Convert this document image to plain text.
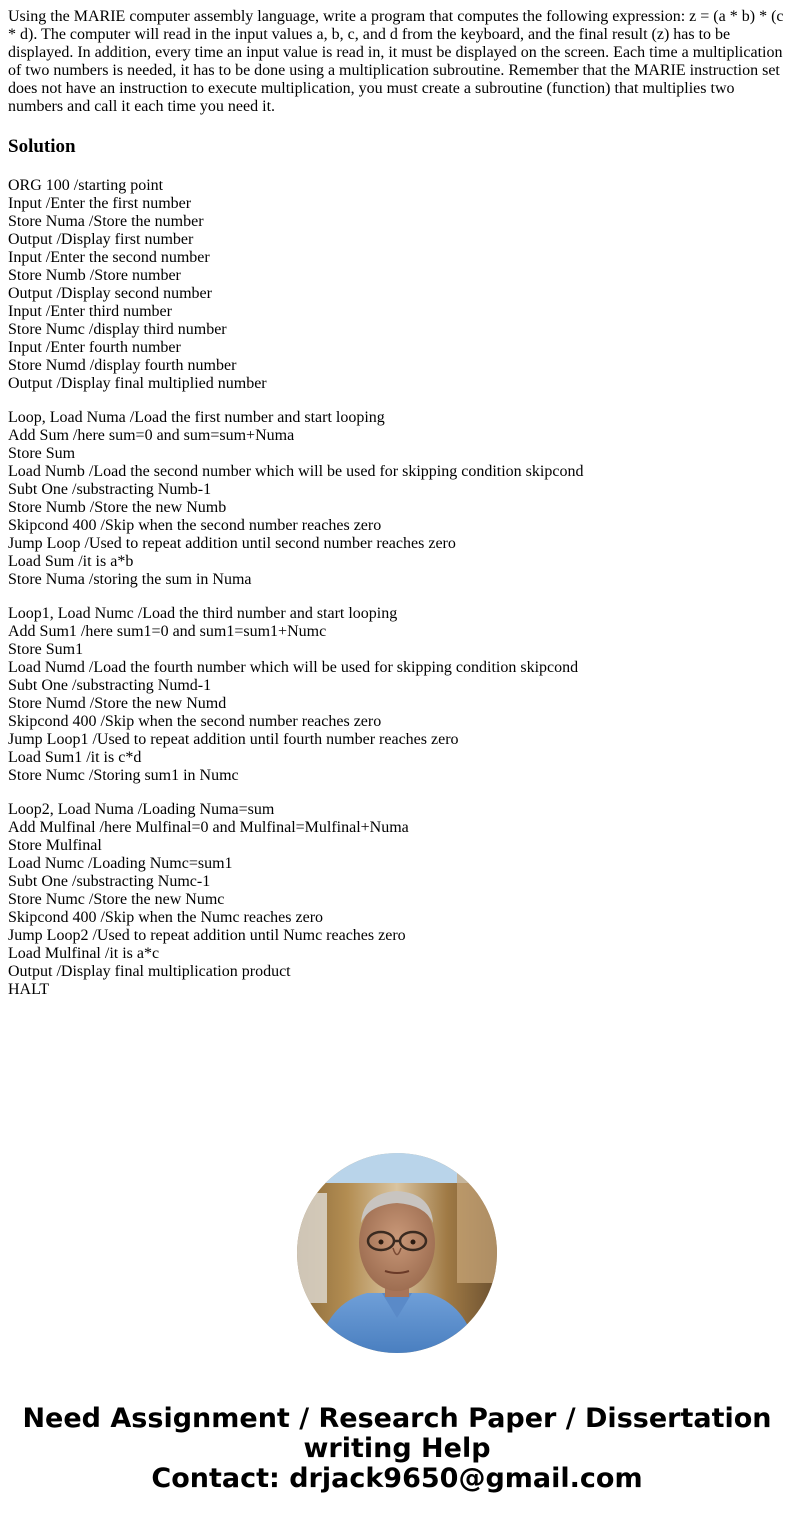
Using the MARIE computer assembly language, write a program that computes the following expression: z = (a * b) * (c * d). The computer will read in the input values a, b, c, and d from the keyboard, and the final result (z) has to be displayed. In addition, every time an input value is read in, it must be displayed on the screen. Each time a multiplication of two numbers is needed, it has to be done using a multiplication subroutine. Remember that the MARIE instruction set does not have an instruction to execute multiplication, you must create a subroutine (function) that multiplies two numbers and call it each time you need it.

Solution
ORG 100 /starting point
Input /Enter the first number
Store Numa /Store the number
Output /Display first number
Input /Enter the second number
Store Numb /Store number
Output /Display second number
Input /Enter third number
Store Numc /display third number
Input /Enter fourth number
Store Numd /display fourth number
Output /Display final multiplied number
Loop, Load Numa /Load the first number and start looping
Add Sum /here sum=0 and sum=sum+Numa
Store Sum
Load Numb /Load the second number which will be used for skipping condition skipcond
Subt One /substracting Numb-1
Store Numb /Store the new Numb
Skipcond 400 /Skip when the second number reaches zero
Jump Loop /Used to repeat addition until second number reaches zero
Load Sum /it is a*b
Store Numa /storing the sum in Numa
Loop1, Load Numc /Load the third number and start looping
Add Sum1 /here sum1=0 and sum1=sum1+Numc
Store Sum1
Load Numd /Load the fourth number which will be used for skipping condition skipcond
Subt One /substracting Numd-1
Store Numd /Store the new Numd
Skipcond 400 /Skip when the second number reaches zero
Jump Loop1 /Used to repeat addition until fourth number reaches zero
Load Sum1 /it is c*d
Store Numc /Storing sum1 in Numc
Loop2, Load Numa /Loading Numa=sum
Add Mulfinal /here Mulfinal=0 and Mulfinal=Mulfinal+Numa
Store Mulfinal
Load Numc /Loading Numc=sum1
Subt One /substracting Numc-1
Store Numc /Store the new Numc
Skipcond 400 /Skip when the Numc reaches zero
Jump Loop2 /Used to repeat addition until Numc reaches zero
Load Mulfinal /it is a*c
Output /Display final multiplication product
HALT
Need Assignment / Research Paper / Dissertation
writing Help
Contact: drjack9650@gmail.com
